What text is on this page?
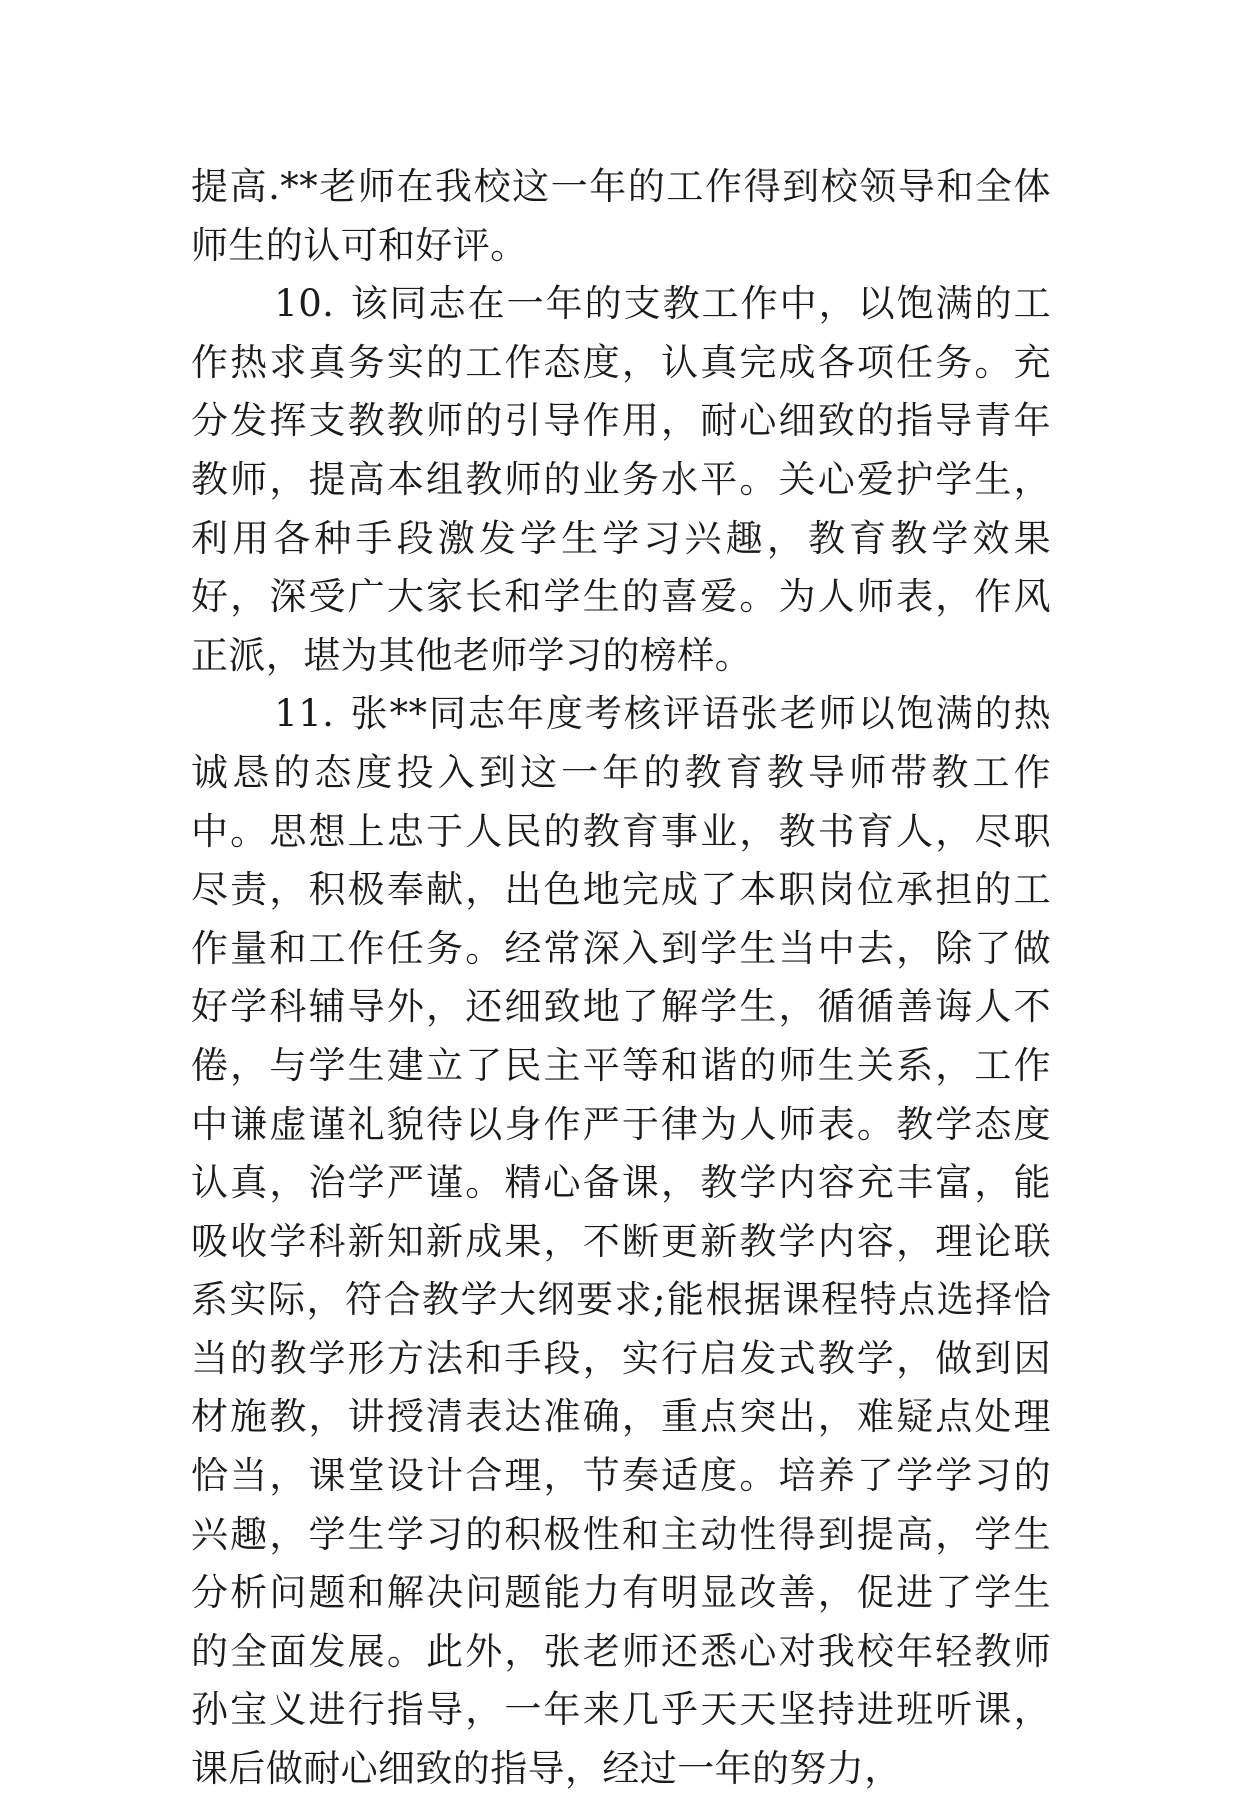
提高.**老师在我校这一年的工作得到校领导和全体师生的认可和好评。

10. 该同志在一年的支教工作中，以饱满的工作热求真务实的工作态度，认真完成各项任务。充分发挥支教教师的引导作用，耐心细致的指导青年教师，提高本组教师的业务水平。关心爱护学生，利用各种手段激发学生学习兴趣，教育教学效果好，深受广大家长和学生的喜爱。为人师表，作风正派，堪为其他老师学习的榜样。

11. 张**同志年度考核评语张老师以饱满的热诚恳的态度投入到这一年的教育教导师带教工作中。思想上忠于人民的教育事业，教书育人，尽职尽责，积极奉献，出色地完成了本职岗位承担的工作量和工作任务。经常深入到学生当中去，除了做好学科辅导外，还细致地了解学生，循循善诲人不倦，与学生建立了民主平等和谐的师生关系，工作中谦虚谨礼貌待以身作严于律为人师表。教学态度认真，治学严谨。精心备课，教学内容充丰富，能吸收学科新知新成果，不断更新教学内容，理论联系实际，符合教学大纲要求;能根据课程特点选择恰当的教学形方法和手段，实行启发式教学，做到因材施教，讲授清表达准确，重点突出，难疑点处理恰当，课堂设计合理，节奏适度。培养了学学习的兴趣，学生学习的积极性和主动性得到提高，学生分析问题和解决问题能力有明显改善，促进了学生的全面发展。此外，张老师还悉心对我校年轻教师孙宝义进行指导，一年来几乎天天坚持进班听课，课后做耐心细致的指导，经过一年的努力，
